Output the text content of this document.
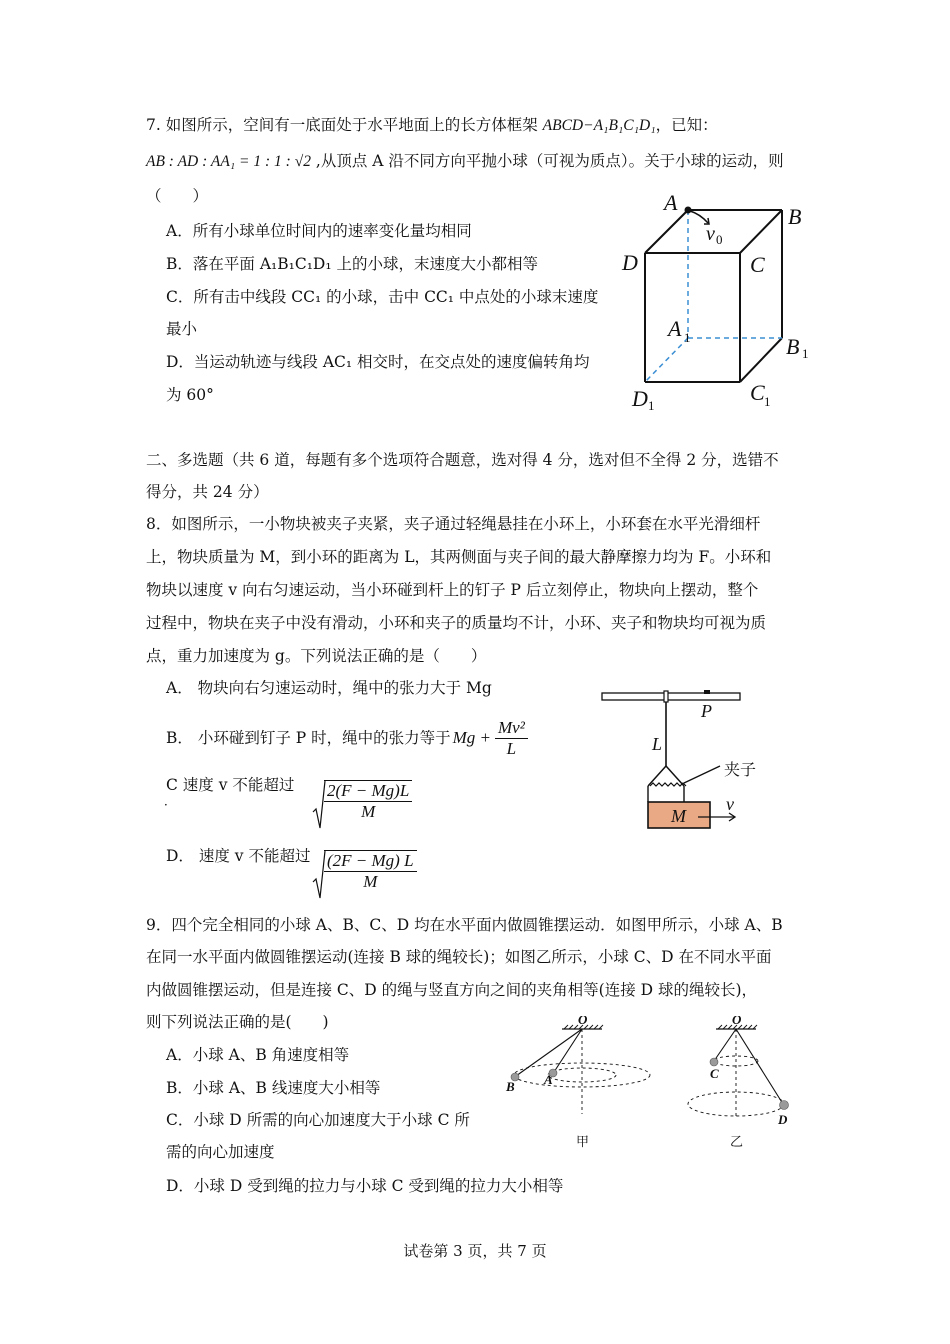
7. 如图所示，空间有一底面处于水平地面上的长方体框架 ABCD−A₁B₁C₁D₁，已知：
AB : AD : AA₁ = 1 : 1 : √2 ,从顶点 A 沿不同方向平抛小球（可视为质点）。关于小球的运动，则
（　　）
A．所有小球单位时间内的速率变化量均相同
B．落在平面 A₁B₁C₁D₁ 上的小球，末速度大小都相等
C．所有击中线段 CC₁ 的小球，击中 CC₁ 中点处的小球末速度
最小
D．当运动轨迹与线段 AC₁ 相交时，在交点处的速度偏转角均
为 60°
A
B
D	C
A
B
D	C
v
1
1
1	1
0
二、多选题（共 6 道，每题有多个选项符合题意，选对得 4 分，选对但不全得 2 分，选错不
得分，共 24 分）
8．如图所示，一小物块被夹子夹紧，夹子通过轻绳悬挂在小环上，小环套在水平光滑细杆
上，物块质量为 M，到小环的距离为 L，其两侧面与夹子间的最大静摩擦力均为 F。小环和
物块以速度 v 向右匀速运动，当小环碰到杆上的钉子 P 后立刻停止，物块向上摆动，整个
过程中，物块在夹子中没有滑动，小环和夹子的质量均不计，小环、夹子和物块均可视为质
点，重力加速度为 g。下列说法正确的是（　　）
A． 物块向右匀速运动时，绳中的张力大于 Mg
B． 小环碰到钉子 P 时，绳中的张力等于 $Mg + \frac{\text{Mv²}}{L}$
C 速度 v 不能超过
．	$\frac{2(F - Mg)L}{M}$
D． 速度 v 不能超过 $\frac{(2F - Mg) L}{M}$
P
L
M
v
夹子
9．四个完全相同的小球 A、B、C、D 均在水平面内做圆锥摆运动．如图甲所示，小球 A、B
在同一水平面内做圆锥摆运动(连接 B 球的绳较长)；如图乙所示，小球 C、D 在不同水平面
内做圆锥摆运动，但是连接 C、D 的绳与竖直方向之间的夹角相等(连接 D 球的绳较长)，
则下列说法正确的是(　　)
A．小球 A、B 角速度相等
B．小球 A、B 线速度大小相等
C．小球 D 所需的向心加速度大于小球 C 所
需的向心加速度
D．小球 D 受到绳的拉力与小球 C 受到绳的拉力大小相等
O
B A
甲
O
C
D
乙
试卷第 3 页，共 7 页
